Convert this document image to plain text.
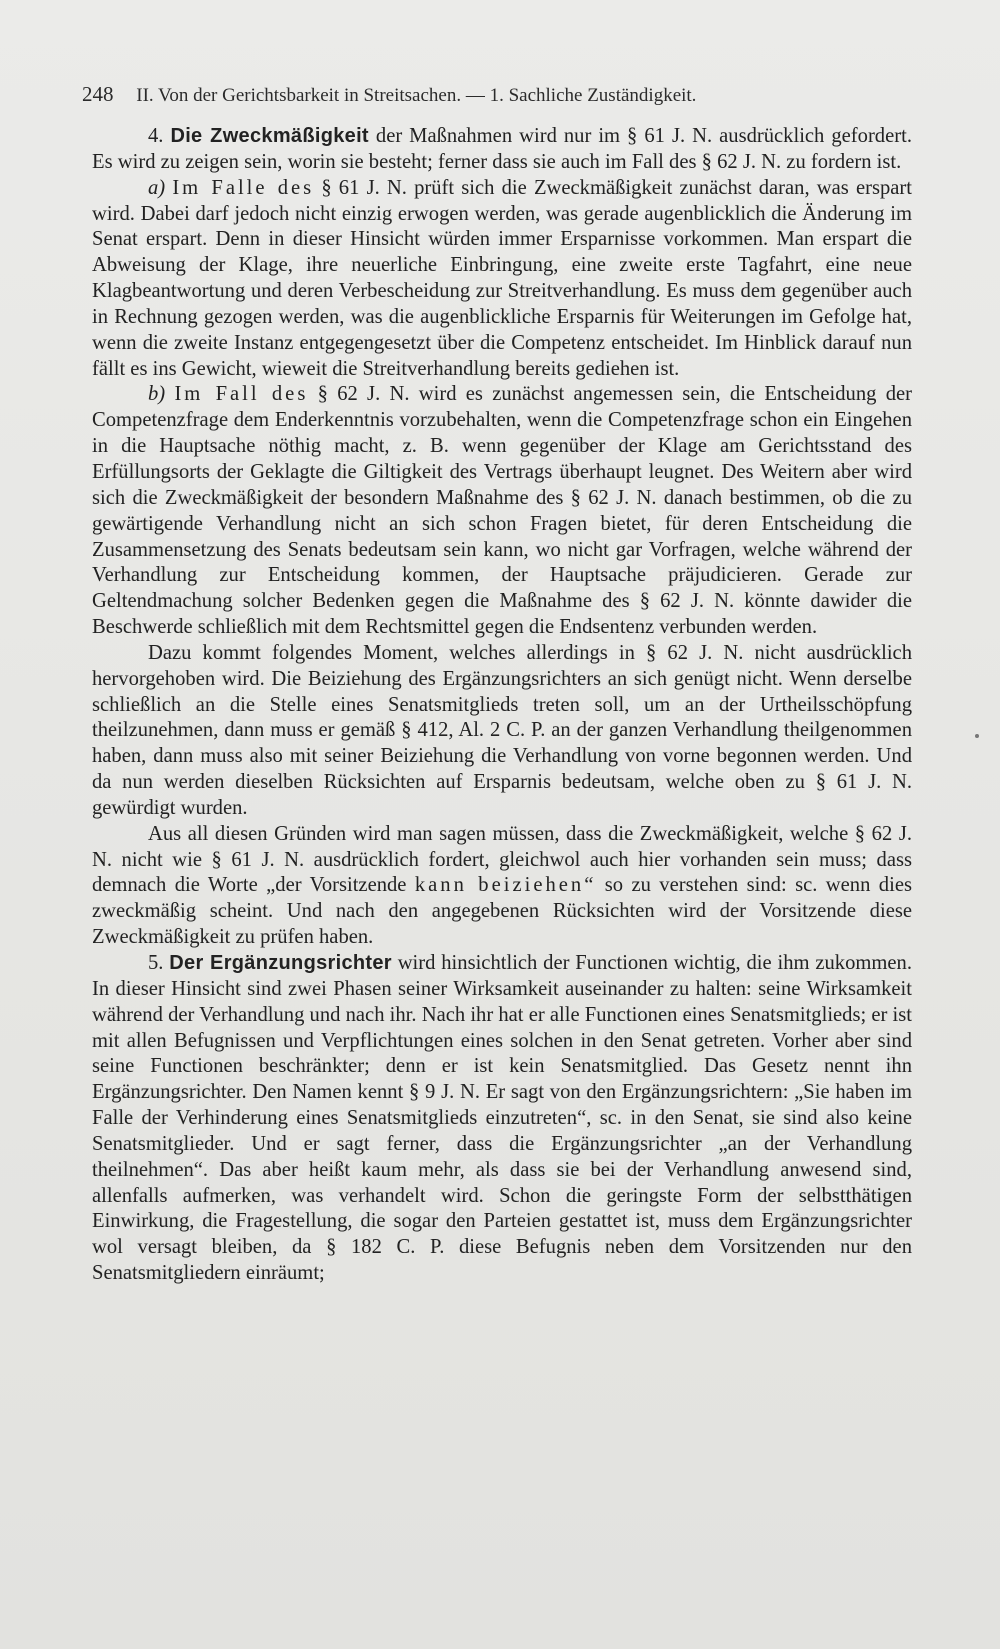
248 II. Von der Gerichtsbarkeit in Streitsachen. — 1. Sachliche Zuständigkeit.

4. Die Zweckmäßigkeit der Maßnahmen wird nur im § 61 J. N. ausdrücklich gefordert. Es wird zu zeigen sein, worin sie besteht; ferner dass sie auch im Fall des § 62 J. N. zu fordern ist.

a) Im Falle des § 61 J. N. prüft sich die Zweckmäßigkeit zunächst daran, was erspart wird. Dabei darf jedoch nicht einzig erwogen werden, was gerade augenblicklich die Änderung im Senat erspart. Denn in dieser Hinsicht würden immer Ersparnisse vorkommen. Man erspart die Abweisung der Klage, ihre neuerliche Einbringung, eine zweite erste Tagfahrt, eine neue Klagbeantwortung und deren Verbescheidung zur Streitverhandlung. Es muss dem gegenüber auch in Rechnung gezogen werden, was die augenblickliche Ersparnis für Weiterungen im Gefolge hat, wenn die zweite Instanz entgegengesetzt über die Competenz entscheidet. Im Hinblick darauf nun fällt es ins Gewicht, wieweit die Streitverhandlung bereits gediehen ist.

b) Im Fall des § 62 J. N. wird es zunächst angemessen sein, die Entscheidung der Competenzfrage dem Enderkenntnis vorzubehalten, wenn die Competenzfrage schon ein Eingehen in die Hauptsache nöthig macht, z. B. wenn gegenüber der Klage am Gerichtsstand des Erfüllungsorts der Geklagte die Giltigkeit des Vertrags überhaupt leugnet. Des Weitern aber wird sich die Zweckmäßigkeit der besondern Maßnahme des § 62 J. N. danach bestimmen, ob die zu gewärtigende Verhandlung nicht an sich schon Fragen bietet, für deren Entscheidung die Zusammensetzung des Senats bedeutsam sein kann, wo nicht gar Vorfragen, welche während der Verhandlung zur Entscheidung kommen, der Hauptsache präjudicieren. Gerade zur Geltendmachung solcher Bedenken gegen die Maßnahme des § 62 J. N. könnte dawider die Beschwerde schließlich mit dem Rechtsmittel gegen die Endsentenz verbunden werden.

Dazu kommt folgendes Moment, welches allerdings in § 62 J. N. nicht ausdrücklich hervorgehoben wird. Die Beiziehung des Ergänzungsrichters an sich genügt nicht. Wenn derselbe schließlich an die Stelle eines Senatsmitglieds treten soll, um an der Urtheilsschöpfung theilzunehmen, dann muss er gemäß § 412, Al. 2 C. P. an der ganzen Verhandlung theilgenommen haben, dann muss also mit seiner Beiziehung die Verhandlung von vorne begonnen werden. Und da nun werden dieselben Rücksichten auf Ersparnis bedeutsam, welche oben zu § 61 J. N. gewürdigt wurden.

Aus all diesen Gründen wird man sagen müssen, dass die Zweckmäßigkeit, welche § 62 J. N. nicht wie § 61 J. N. ausdrücklich fordert, gleichwol auch hier vorhanden sein muss; dass demnach die Worte „der Vorsitzende kann beiziehen“ so zu verstehen sind: sc. wenn dies zweckmäßig scheint. Und nach den angegebenen Rücksichten wird der Vorsitzende diese Zweckmäßigkeit zu prüfen haben.

5. Der Ergänzungsrichter wird hinsichtlich der Functionen wichtig, die ihm zukommen. In dieser Hinsicht sind zwei Phasen seiner Wirksamkeit auseinander zu halten: seine Wirksamkeit während der Verhandlung und nach ihr. Nach ihr hat er alle Functionen eines Senatsmitglieds; er ist mit allen Befugnissen und Verpflichtungen eines solchen in den Senat getreten. Vorher aber sind seine Functionen beschränkter; denn er ist kein Senatsmitglied. Das Gesetz nennt ihn Ergänzungsrichter. Den Namen kennt § 9 J. N. Er sagt von den Ergänzungsrichtern: „Sie haben im Falle der Verhinderung eines Senatsmitglieds einzutreten“, sc. in den Senat, sie sind also keine Senatsmitglieder. Und er sagt ferner, dass die Ergänzungsrichter „an der Verhandlung theilnehmen“. Das aber heißt kaum mehr, als dass sie bei der Verhandlung anwesend sind, allenfalls aufmerken, was verhandelt wird. Schon die geringste Form der selbstthätigen Einwirkung, die Fragestellung, die sogar den Parteien gestattet ist, muss dem Ergänzungsrichter wol versagt bleiben, da § 182 C. P. diese Befugnis neben dem Vorsitzenden nur den Senatsmitgliedern einräumt;
